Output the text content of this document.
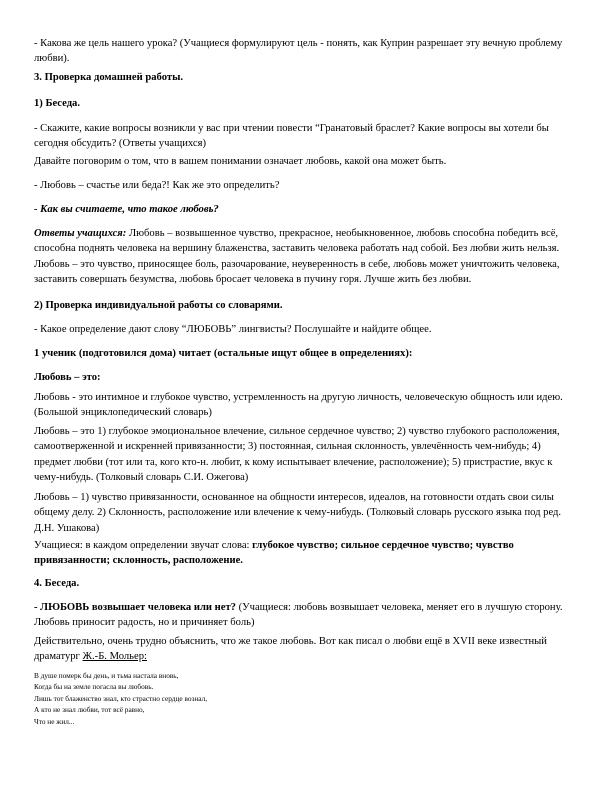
- Какова же цель нашего урока? (Учащиеся формулируют цель - понять, как Куприн разрешает эту вечную проблему любви).

3. Проверка домашней работы.

1) Беседа.

- Скажите, какие вопросы возникли у вас при чтении повести “Гранатовый браслет? Какие вопросы вы хотели бы сегодня обсудить? (Ответы учащихся)

Давайте поговорим о том, что в вашем понимании означает любовь, какой она может быть.

- Любовь – счастье или беда?! Как же это определить?

- Как вы считаете, что такое любовь?

Ответы учащихся: Любовь – возвышенное чувство, прекрасное, необыкновенное, любовь способна победить всё, способна поднять человека на вершину блаженства, заставить человека работать над собой. Без любви жить нельзя. Любовь – это чувство, приносящее боль, разочарование, неуверенность в себе, любовь может уничтожить человека, заставить совершать безумства, любовь бросает человека в пучину горя. Лучше жить без любви.

2) Проверка индивидуальной работы со словарями.

- Какое определение дают слову “ЛЮБОВЬ” лингвисты? Послушайте и найдите общее.

1 ученик (подготовился дома) читает (остальные ищут общее в определениях):

Любовь – это:

Любовь - это интимное и глубокое чувство, устремленность на другую личность, человеческую общность или идею. (Большой энциклопедический словарь)

Любовь – это 1) глубокое эмоциональное влечение, сильное сердечное чувство; 2) чувство глубокого расположения, самоотверженной и искренней привязанности; 3) постоянная, сильная склонность, увлечённость чем-нибудь; 4) предмет любви (тот или та, кого кто-н. любит, к кому испытывает влечение, расположение); 5) пристрастие, вкус к чему-нибудь. (Толковый словарь С.И. Ожегова)

Любовь – 1) чувство привязанности, основанное на общности интересов, идеалов, на готовности отдать свои силы общему делу. 2) Склонность, расположение или влечение к чему-нибудь. (Толковый словарь русского языка под ред. Д.Н. Ушакова)

Учащиеся: в каждом определении звучат слова: глубокое чувство; сильное сердечное чувство; чувство привязанности; склонность, расположение.

4. Беседа.

- ЛЮБОВЬ возвышает человека или нет? (Учащиеся: любовь возвышает человека, меняет его в лучшую сторону. Любовь приносит радость, но и причиняет боль)

Действительно, очень трудно объяснить, что же такое любовь. Вот как писал о любви ещё в XVII веке известный драматург Ж.-Б. Мольер:

В душе померк бы день, и тьма настала вновь,
Когда бы на земле погасла вы любовь.
Лишь тот блаженство знал, кто страстно сердце вознал,
А кто не знал любви, тот всё равно,
Что не жил...
